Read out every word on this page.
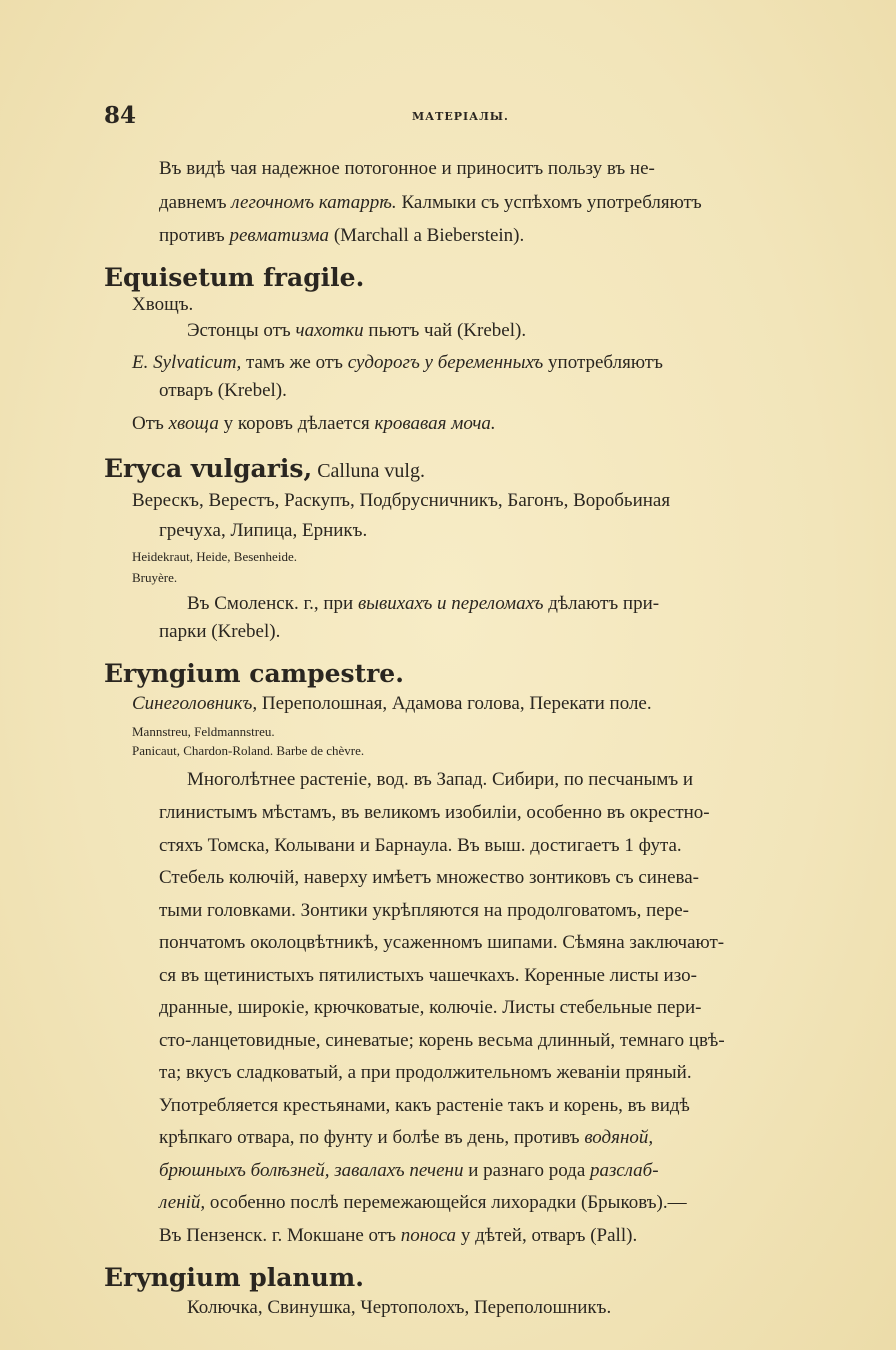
84	МАТЕРІАЛЫ.
Въ видѣ чая надежное потогонное и приноситъ пользу въ не-
давнемъ легочномъ катаррѣ. Калмыки съ успѣхомъ употребляютъ
противъ ревматизма (Marchall a Bieberstein).
Equisetum fragile.
Хвощъ.
Эстонцы отъ чахотки пьютъ чай (Krebel).
E. Sylvaticum, тамъ же отъ судорогъ у беременныхъ употребляютъ
отваръ (Krebel).
Отъ хвоща у коровъ дѣлается кровавая моча.
Eryca vulgaris, Calluna vulg.
Верескъ, Верестъ, Раскупъ, Подбрусничникъ, Багонъ, Воробьиная
гречуха, Липица, Ерникъ.
Heidekraut, Heide, Besenheide.
Bruyère.
Въ Смоленск. г., при вывихахъ и переломахъ дѣлаютъ при-
парки (Krebel).
Eryngium campestre.
Синеголовникъ, Переполошная, Адамова голова, Перекати поле.
Mannstreu, Feldmannstreu.
Panicaut, Chardon-Roland. Barbe de chèvre.
Многолѣтнее растеніе, вод. въ Запад. Сибири, по песчанымъ и
глинистымъ мѣстамъ, въ великомъ изобиліи, особенно въ окрестно-
стяхъ Томска, Колывани и Барнаула. Въ выш. достигаетъ 1 фута.
Стебель колючій, наверху имѣетъ множество зонтиковъ съ синева-
тыми головками. Зонтики укрѣпляются на продолговатомъ, пере-
пончатомъ околоцвѣтникѣ, усаженномъ шипами. Сѣмяна заключают-
ся въ щетинистыхъ пятилистыхъ чашечкахъ. Коренные листы изо-
дранные, широкіе, крючковатые, колючіе. Листы стебельные пери-
сто-ланцетовидные, синеватые; корень весьма длинный, темнаго цвѣ-
та; вкусъ сладковатый, а при продолжительномъ жеваніи пряный.
Употребляется крестьянами, какъ растеніе такъ и корень, въ видѣ
крѣпкаго отвара, по фунту и болѣе въ день, противъ водяной,
брюшныхъ болѣзней, завалахъ печени и разнаго рода разслаб-
леній, особенно послѣ перемежающейся лихорадки (Брыковъ).—
Въ Пензенск. г. Мокшане отъ поноса у дѣтей, отваръ (Pall).
Eryngium planum.
Колючка, Свинушка, Чертополохъ, Переполошникъ.
